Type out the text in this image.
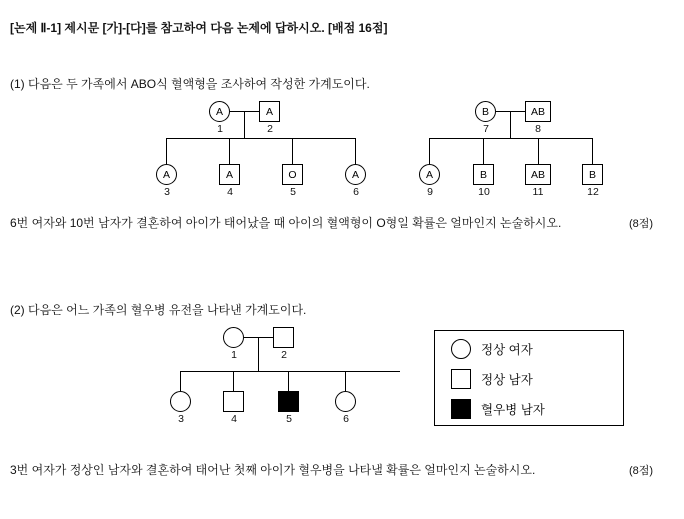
[논제 Ⅱ-1] 제시문 [가]-[다]를 참고하여 다음 논제에 답하시오. [배점 16점]
(1) 다음은 두 가족에서 ABO식 혈액형을 조사하여 작성한 가계도이다.
A
1
A
2
A
3
A
4
O
5
A
6
B
7
AB
8
A
9
B
10
AB
11
B
12
6번 여자와 10번 남자가 결혼하여 아이가 태어났을 때 아이의 혈액형이 O형일 확률은 얼마인지 논술하시오.	(8점)
(2) 다음은 어느 가족의 혈우병 유전을 나타낸 가계도이다.
1	2
3	4	5	6
정상 여자
정상 남자
혈우병 남자
3번 여자가 정상인 남자와 결혼하여 태어난 첫째 아이가 혈우병을 나타낼 확률은 얼마인지 논술하시오.	(8점)
